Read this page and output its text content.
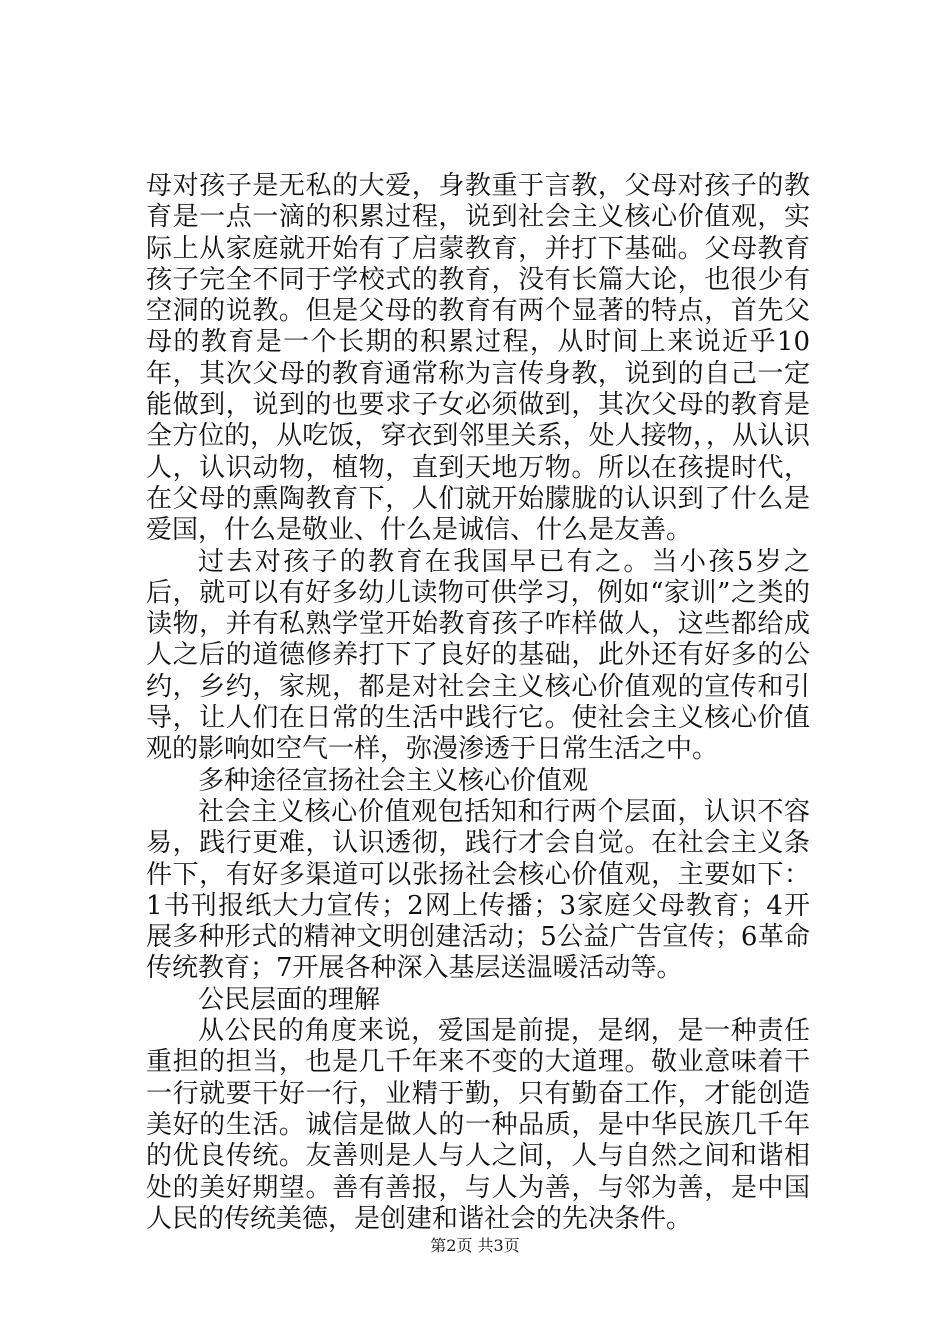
母对孩子是无私的大爱，身教重于言教，父母对孩子的教育是一点一滴的积累过程，说到社会主义核心价值观，实际上从家庭就开始有了启蒙教育，并打下基础。父母教育孩子完全不同于学校式的教育，没有长篇大论，也很少有空洞的说教。但是父母的教育有两个显著的特点，首先父母的教育是一个长期的积累过程，从时间上来说近乎10年，其次父母的教育通常称为言传身教，说到的自己一定能做到，说到的也要求子女必须做到，其次父母的教育是全方位的，从吃饭，穿衣到邻里关系，处人接物，，从认识人，认识动物，植物，直到天地万物。所以在孩提时代，在父母的熏陶教育下，人们就开始朦胧的认识到了什么是爱国，什么是敬业、什么是诚信、什么是友善。

过去对孩子的教育在我国早已有之。当小孩5岁之后，就可以有好多幼儿读物可供学习，例如“家训”之类的读物，并有私熟学堂开始教育孩子咋样做人，这些都给成人之后的道德修养打下了良好的基础，此外还有好多的公约，乡约，家规，都是对社会主义核心价值观的宣传和引导，让人们在日常的生活中践行它。使社会主义核心价值观的影响如空气一样，弥漫渗透于日常生活之中。

多种途径宣扬社会主义核心价值观

社会主义核心价值观包括知和行两个层面，认识不容易，践行更难，认识透彻，践行才会自觉。在社会主义条件下，有好多渠道可以张扬社会核心价值观，主要如下：1书刊报纸大力宣传；2网上传播；3家庭父母教育；4开展多种形式的精神文明创建活动；5公益广告宣传；6革命传统教育；7开展各种深入基层送温暖活动等。

公民层面的理解

从公民的角度来说，爱国是前提，是纲，是一种责任重担的担当，也是几千年来不变的大道理。敬业意味着干一行就要干好一行，业精于勤，只有勤奋工作，才能创造美好的生活。诚信是做人的一种品质，是中华民族几千年的优良传统。友善则是人与人之间，人与自然之间和谐相处的美好期望。善有善报，与人为善，与邻为善，是中国人民的传统美德，是创建和谐社会的先决条件。

第2页 共3页
